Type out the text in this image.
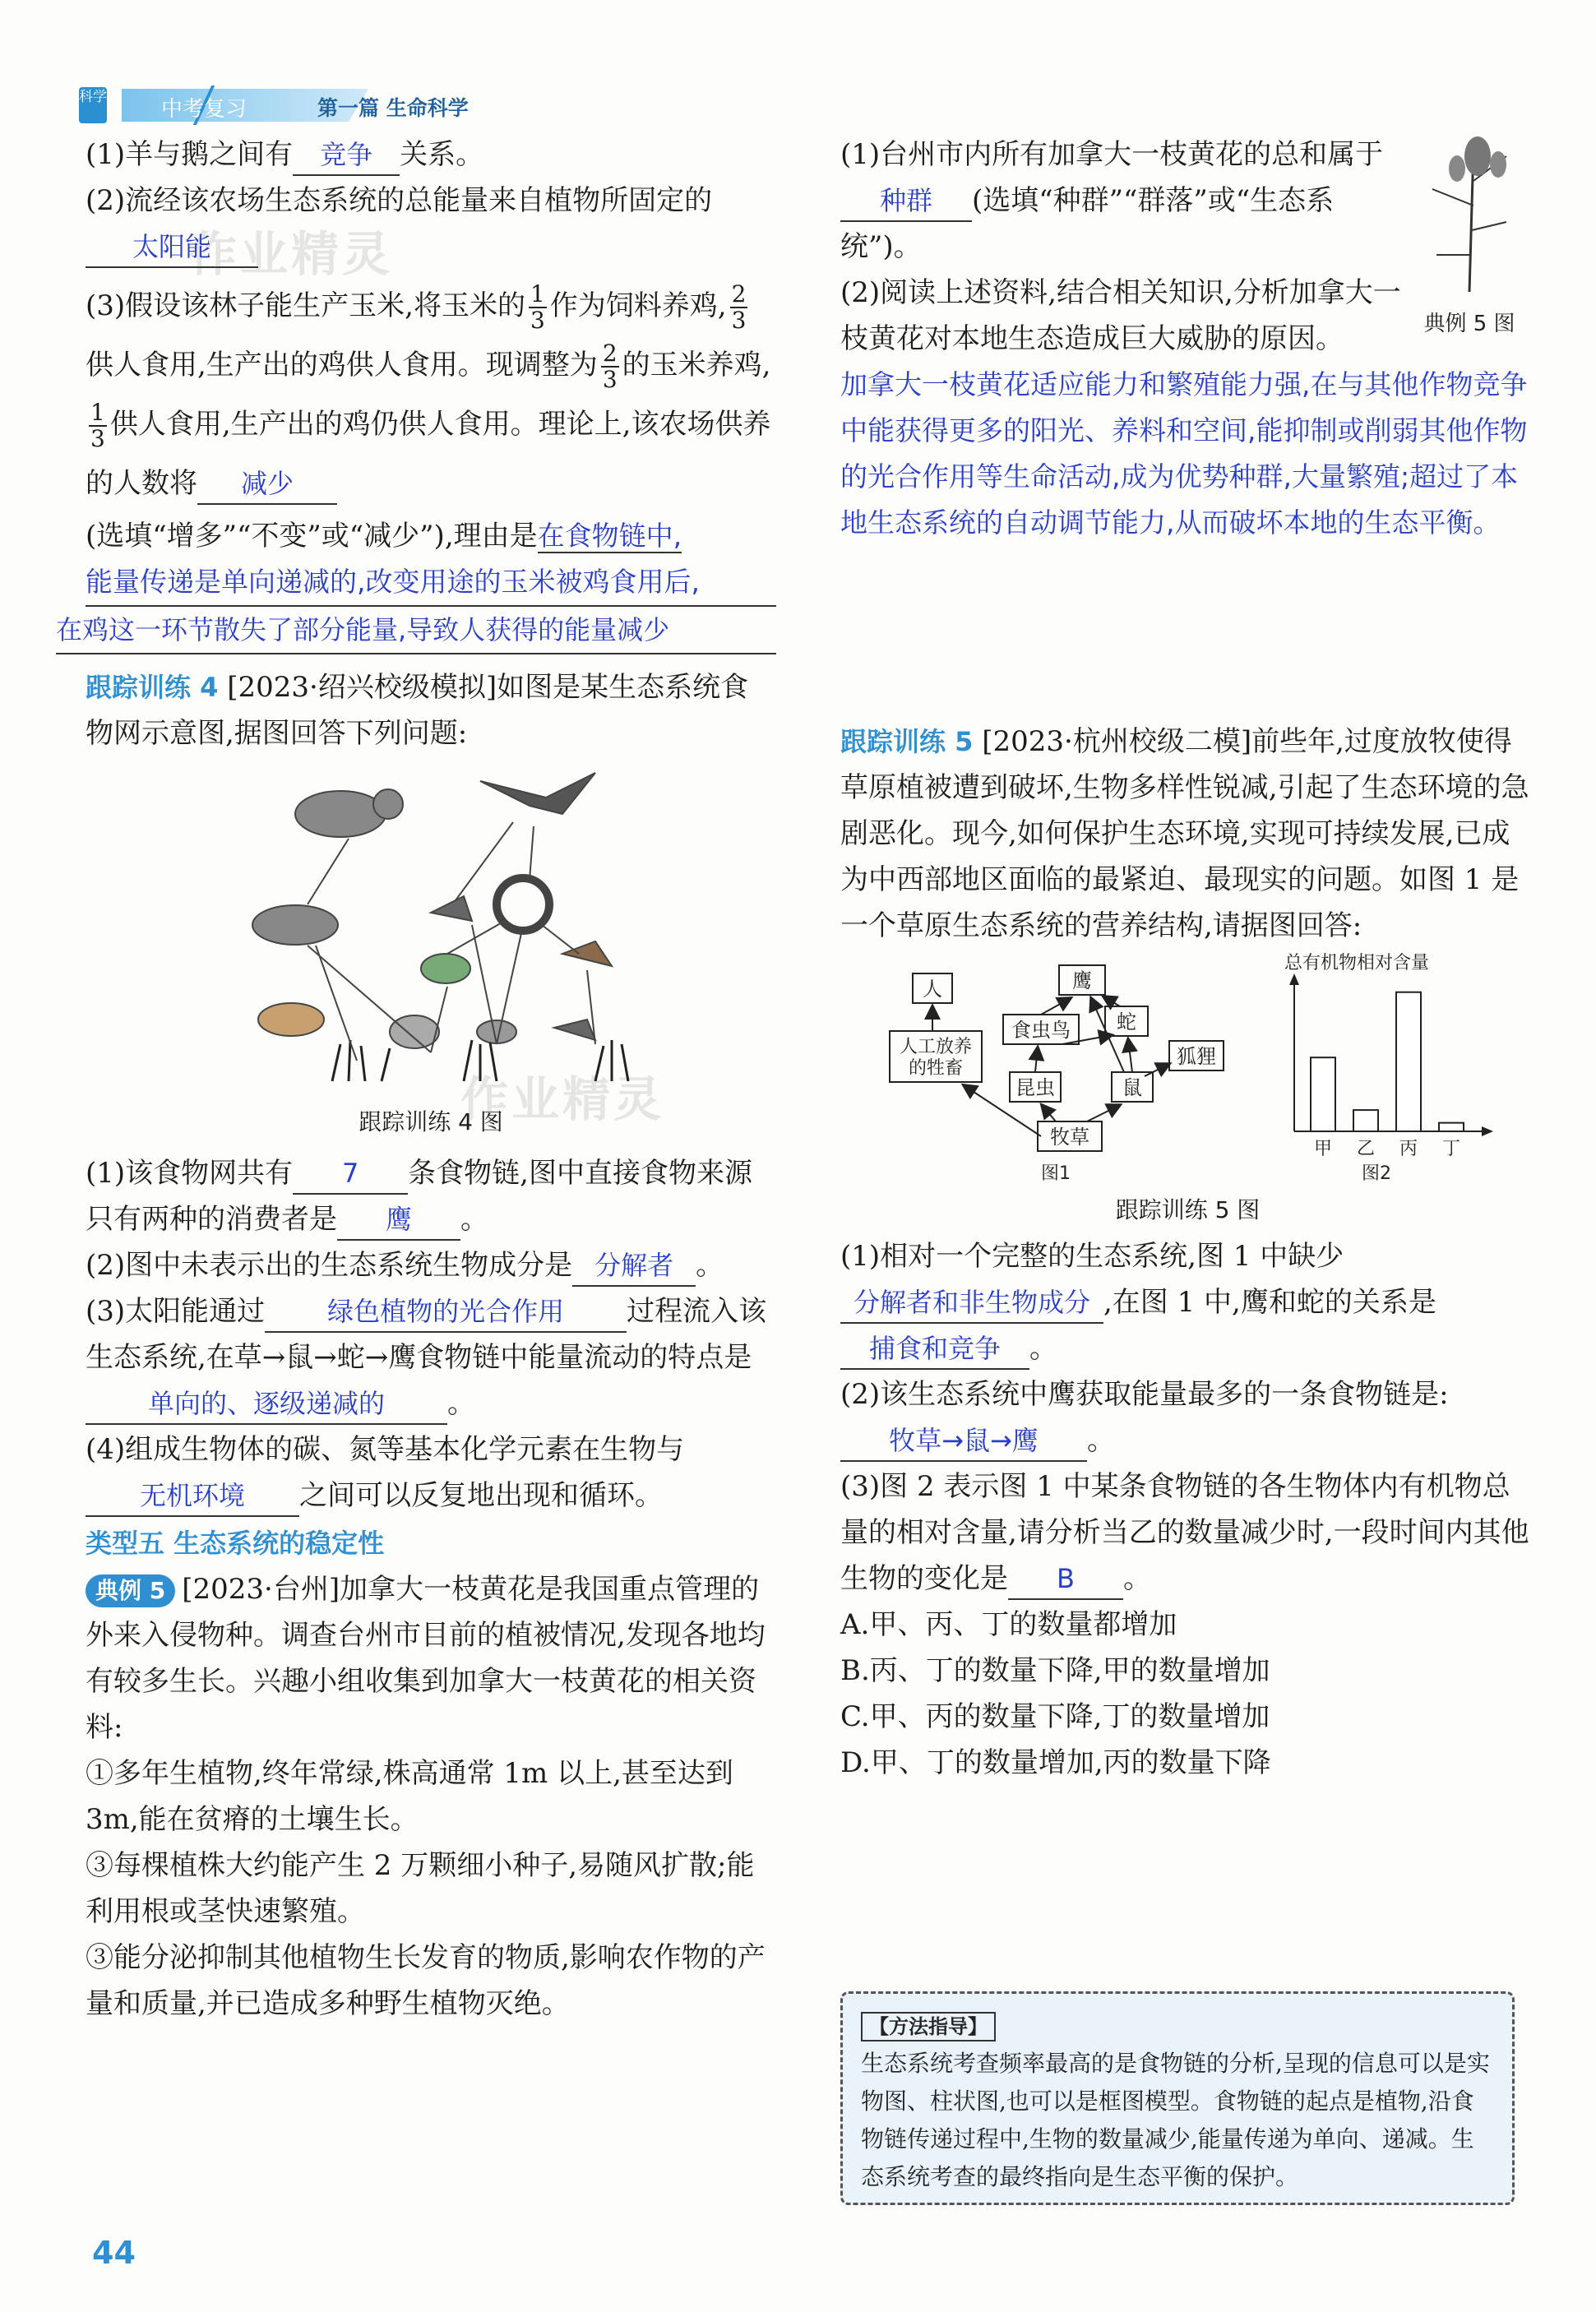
科学	中考复习	第一篇 生命科学
作业精灵
作业精灵

(1)羊与鹅之间有 竞争 关系。

(2)流经该农场生态系统的总能量来自植物所固定的太阳能

(3)假设该林子能生产玉米,将玉米的 $\frac{1}{3}$ 作为饲料养鸡, $\frac{2}{3}$
供人食用,生产出的鸡供人食用。现调整为 $\frac{2}{3}$ 的玉米养鸡,
$\frac{1}{3}$ 供人食用,生产出的鸡仍供人食用。理论上,该农场供养的人数将 减少

(选填“增多”“不变”或“减少”),理由是在食物链中,

能量传递是单向递减的,改变用途的玉米被鸡食用后,

在鸡这一环节散失了部分能量,导致人获得的能量减少

跟踪训练 4 [2023·绍兴校级模拟]如图是某生态系统食物网示意图,据图回答下列问题:

跟踪训练 4 图

(1)该食物网共有 7 条食物链,图中直接食物来源只有两种的消费者是 鹰 。

(2)图中未表示出的生态系统生物成分是 分解者 。

(3)太阳能通过 绿色植物的光合作用 过程流入该生态系统,在草→鼠→蛇→鹰食物链中能量流动的特点是单向的、逐级递减的 。

(4)组成生物体的碳、氮等基本化学元素在生物与无机环境 之间可以反复地出现和循环。

类型五 生态系统的稳定性

典例 5 [2023·台州]加拿大一枝黄花是我国重点管理的外来入侵物种。调查台州市目前的植被情况,发现各地均有较多生长。兴趣小组收集到加拿大一枝黄花的相关资料:

①多年生植物,终年常绿,株高通常 1m 以上,甚至达到 3m,能在贫瘠的土壤生长。

③每棵植株大约能产生 2 万颗细小种子,易随风扩散;能利用根或茎快速繁殖。

③能分泌抑制其他植物生长发育的物质,影响农作物的产量和质量,并已造成多种野生植物灭绝。

(1)台州市内所有加拿大一枝黄花的总和属于种群 (选填“种群”“群落”或“生态系统”)。

(2)阅读上述资料,结合相关知识,分析加拿大一枝黄花对本地生态造成巨大威胁的原因。	典例 5 图

加拿大一枝黄花适应能力和繁殖能力强,在与其他作物竞争中能获得更多的阳光、养料和空间,能抑制或削弱其他作物的光合作用等生命活动,成为优势种群,大量繁殖;超过了本地生态系统的自动调节能力,从而破坏本地的生态平衡。

跟踪训练 5 [2023·杭州校级二模]前些年,过度放牧使得草原植被遭到破坏,生物多样性锐减,引起了生态环境的急剧恶化。现今,如何保护生态环境,实现可持续发展,已成为中西部地区面临的最紧迫、最现实的问题。如图 1 是一个草原生态系统的营养结构,请据图回答:

人
人工放养
的牲畜
食虫鸟
鹰
蛇
狐狸
昆虫	鼠
牧草
图1
总有机物相对含量
甲 乙 丙 丁
图2

跟踪训练 5 图

(1)相对一个完整的生态系统,图 1 中缺少分解者和非生物成分 ,在图 1 中,鹰和蛇的关系是捕食和竞争 。

(2)该生态系统中鹰获取能量最多的一条食物链是:牧草→鼠→鹰 。

(3)图 2 表示图 1 中某条食物链的各生物体内有机物总量的相对含量,请分析当乙的数量减少时,一段时间内其他生物的变化是 B 。

A.甲、丙、丁的数量都增加

B.丙、丁的数量下降,甲的数量增加

C.甲、丙的数量下降,丁的数量增加

D.甲、丁的数量增加,丙的数量下降

【方法指导】
生态系统考查频率最高的是食物链的分析,呈现的信息可以是实物图、柱状图,也可以是框图模型。食物链的起点是植物,沿食物链传递过程中,生物的数量减少,能量传递为单向、递减。生态系统考查的最终指向是生态平衡的保护。
44
